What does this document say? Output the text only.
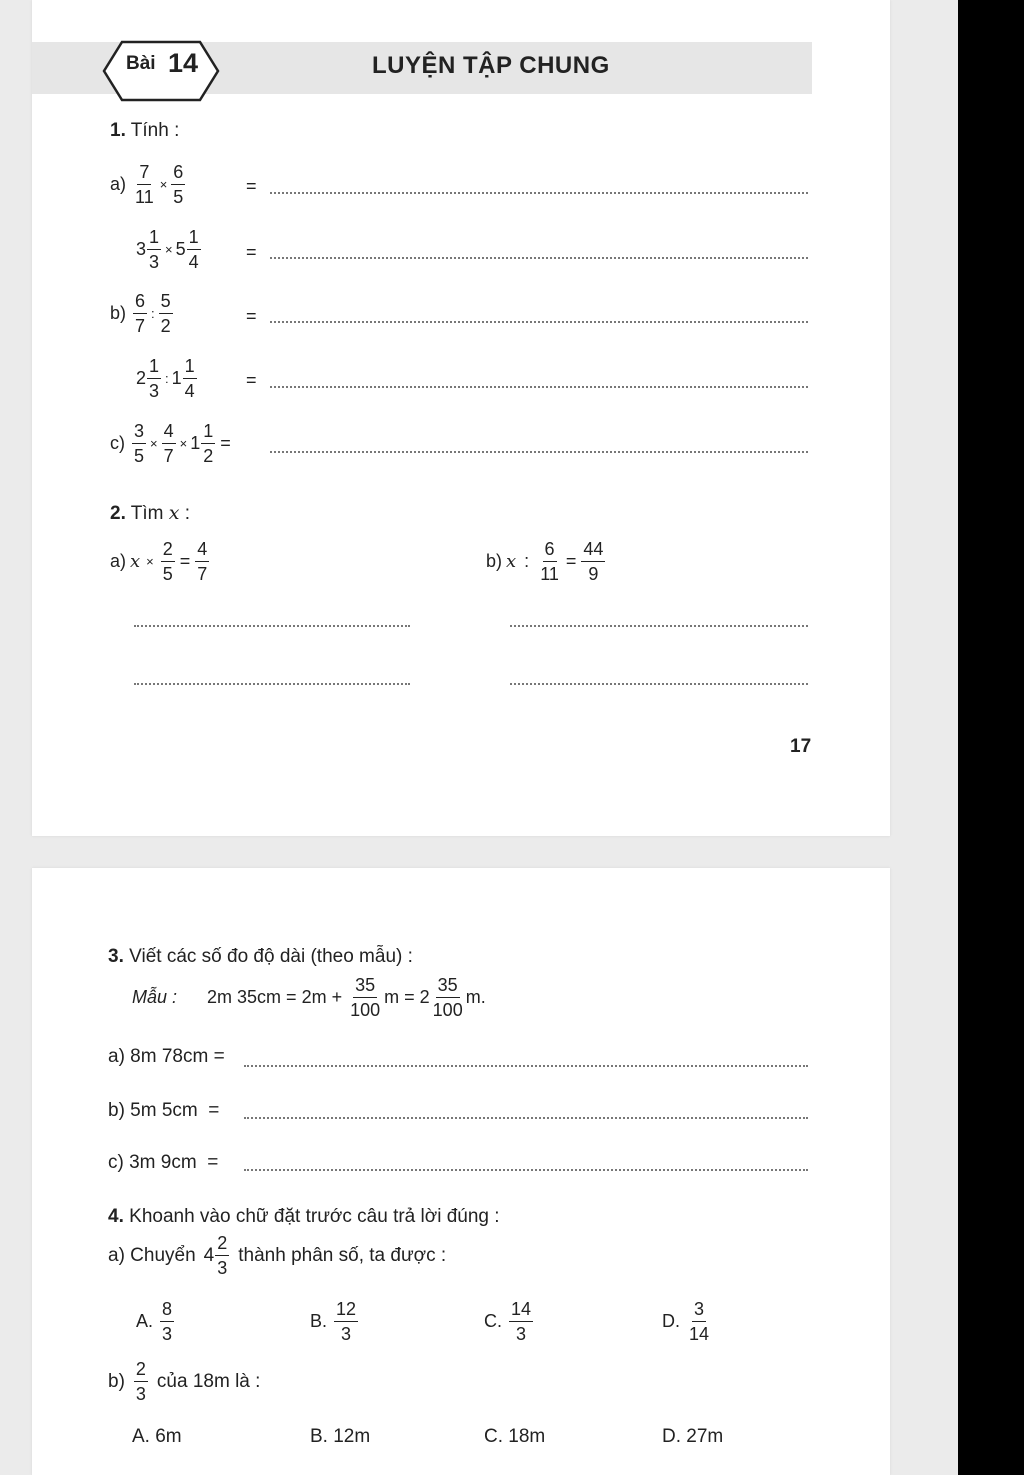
Bài 14	LUYỆN TẬP CHUNG
1. Tính :
$a) \frac{7}{11} \times \frac{6}{5}$	=
$3 \frac{1}{3} \times 5 \frac{1}{4}$	=
$b) \frac{6}{7}$ : $\frac{5}{2}$	=
$2 \frac{1}{3}$ : $1 \frac{1}{4}$	=
$c) \frac{3}{5} \times \frac{4}{7} \times 1 \frac{1}{2}$ =
2. Tìm x :
a) $x \times \frac{2}{5} = \frac{4}{7}$	b) x : $\frac{6}{11} = \frac{44}{9}$
17
3. Viết các số đo độ dài (theo mẫu) :
Mẫu : 2m $35cm = 2m + \frac{35}{100}$ $m = 2 \frac{35}{100} m$.
a) 8m 78cm =
b) 5m 5cm  =
c) 3m 9cm  =
4. Khoanh vào chữ đặt trước câu trả lời đúng :
a) Chuyển $4 \frac{2}{3}$ thành phân số, ta được :
A. $\frac{8}{3}$	B. $\frac{12}{3}$	C. $\frac{14}{3}$	D. $\frac{3}{14}$
$b) \frac{2}{3}$ của 18m là :
A. 6m	B. 12m	C. 18m	D. 27m
